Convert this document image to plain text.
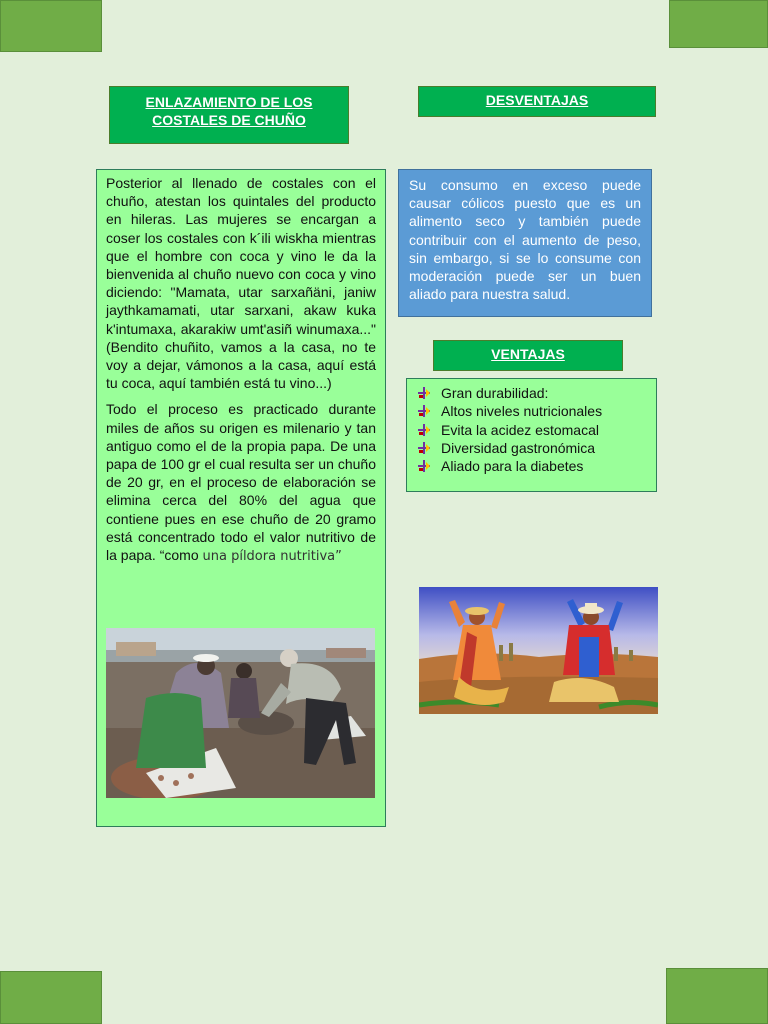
ENLAZAMIENTO DE LOS
COSTALES DE CHUÑO
DESVENTAJAS
VENTAJAS

Posterior al llenado de costales con el chuño, atestan los quintales del producto en hileras. Las mujeres se encargan a coser los costales con k´ili wiskha mientras que el hombre con coca y vino le da la bienvenida al chuño nuevo con coca y vino diciendo: "Mamata, utar sarxañäni, janiw jaythkamamati, utar sarxani, akaw kuka k'intumaxa, akarakiw umt'asiñ winumaxa..." (Bendito chuñito, vamos a la casa, no te voy a dejar, vámonos a la casa, aquí está tu coca, aquí también está tu vino...)

Todo el proceso es practicado durante miles de años su origen es milenario y tan antiguo como el de la propia papa. De una papa de 100 gr el cual resulta ser un chuño de 20 gr, en el proceso de elaboración se elimina cerca del 80% del agua que contiene pues en ese chuño de 20 gramo está concentrado todo el valor nutritivo de la papa. “como una píldora nutritiva”

Su consumo en exceso puede causar cólicos puesto que es un alimento seco y también puede contribuir con el aumento de peso, sin embargo, si se lo consume con moderación puede ser un buen aliado para nuestra salud.

Gran durabilidad:
Altos niveles nutricionales
Evita la acidez estomacal
Diversidad gastronómica
Aliado para la diabetes
